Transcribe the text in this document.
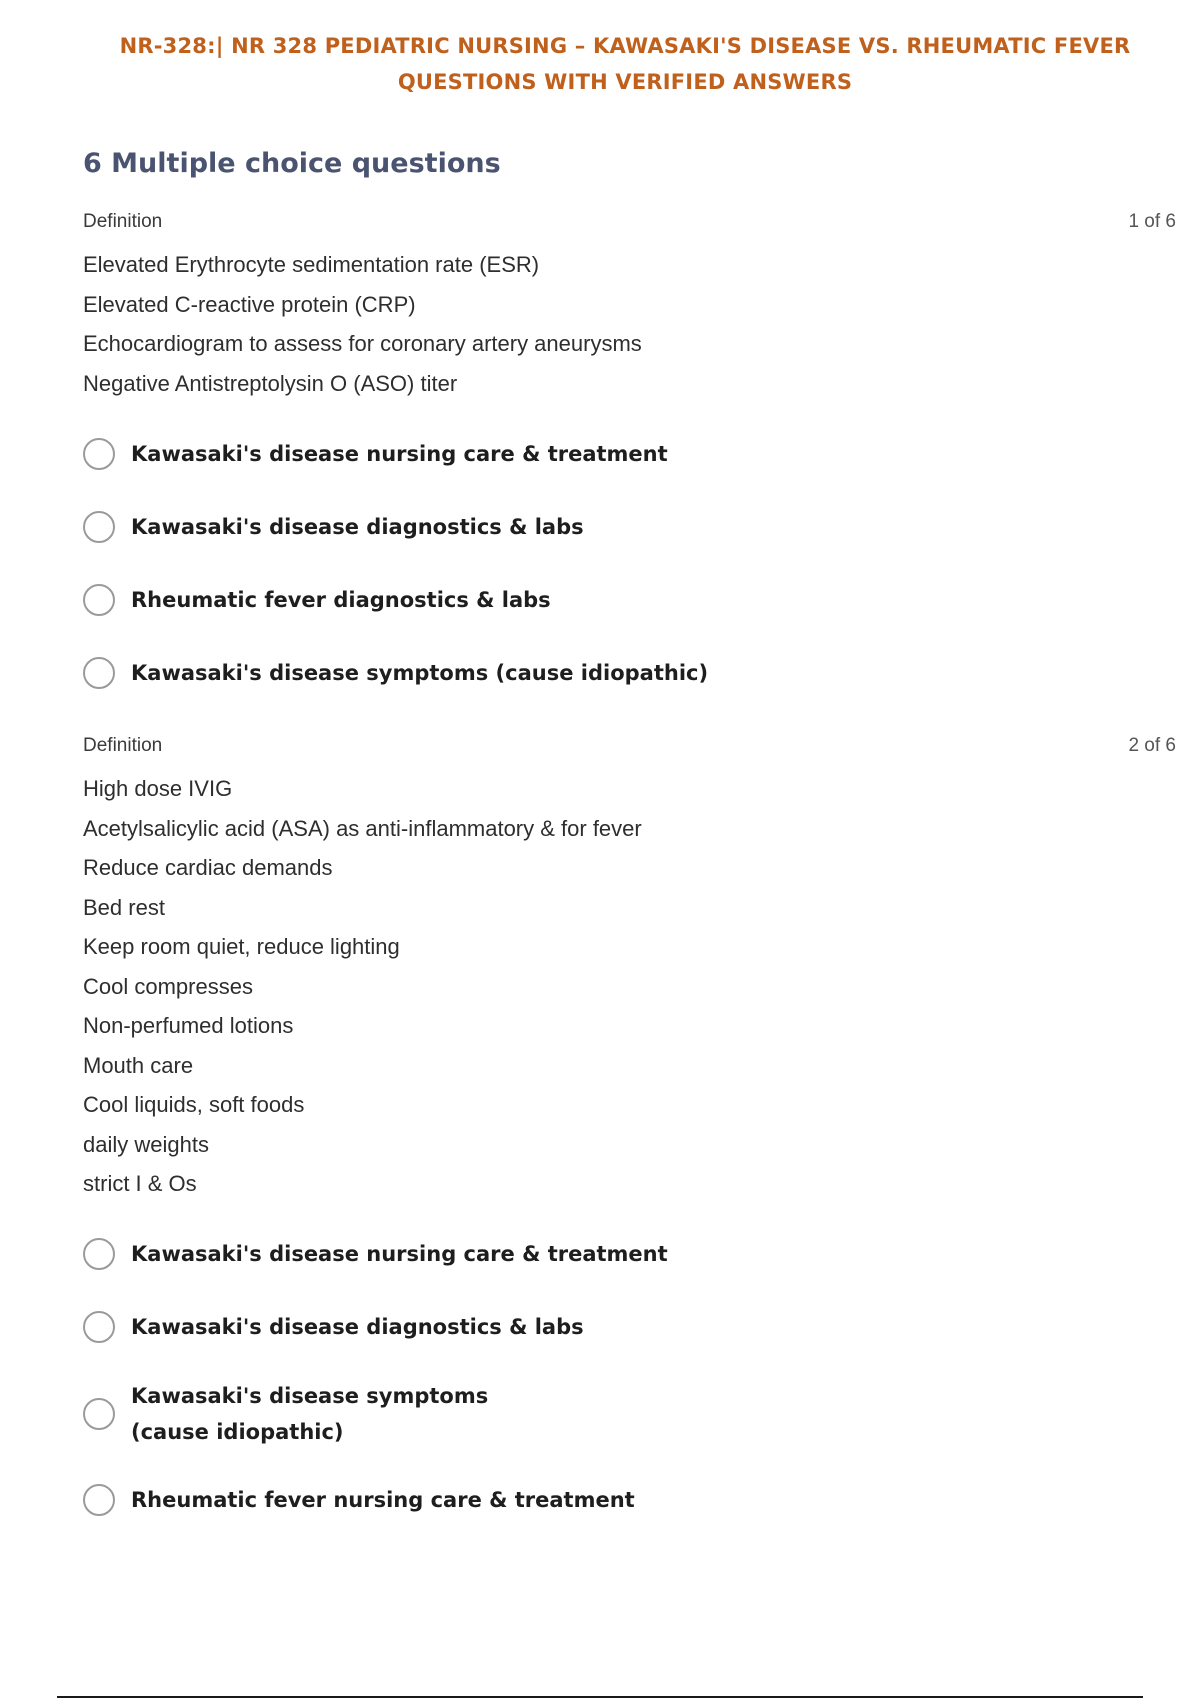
NR-328:| NR 328 PEDIATRIC NURSING – KAWASAKI'S DISEASE VS. RHEUMATIC FEVER
QUESTIONS WITH VERIFIED ANSWERS
6 Multiple choice questions
Definition	1 of 6
Elevated Erythrocyte sedimentation rate (ESR)
Elevated C-reactive protein (CRP)
Echocardiogram to assess for coronary artery aneurysms
Negative Antistreptolysin O (ASO) titer
Kawasaki's disease nursing care & treatment
Kawasaki's disease diagnostics & labs
Rheumatic fever diagnostics & labs
Kawasaki's disease symptoms (cause idiopathic)
Definition	2 of 6
High dose IVIG
Acetylsalicylic acid (ASA) as anti-inflammatory & for fever
Reduce cardiac demands
Bed rest
Keep room quiet, reduce lighting
Cool compresses
Non-perfumed lotions
Mouth care
Cool liquids, soft foods
daily weights
strict I & Os
Kawasaki's disease nursing care & treatment
Kawasaki's disease diagnostics & labs
Kawasaki's disease symptoms
(cause idiopathic)
Rheumatic fever nursing care & treatment
